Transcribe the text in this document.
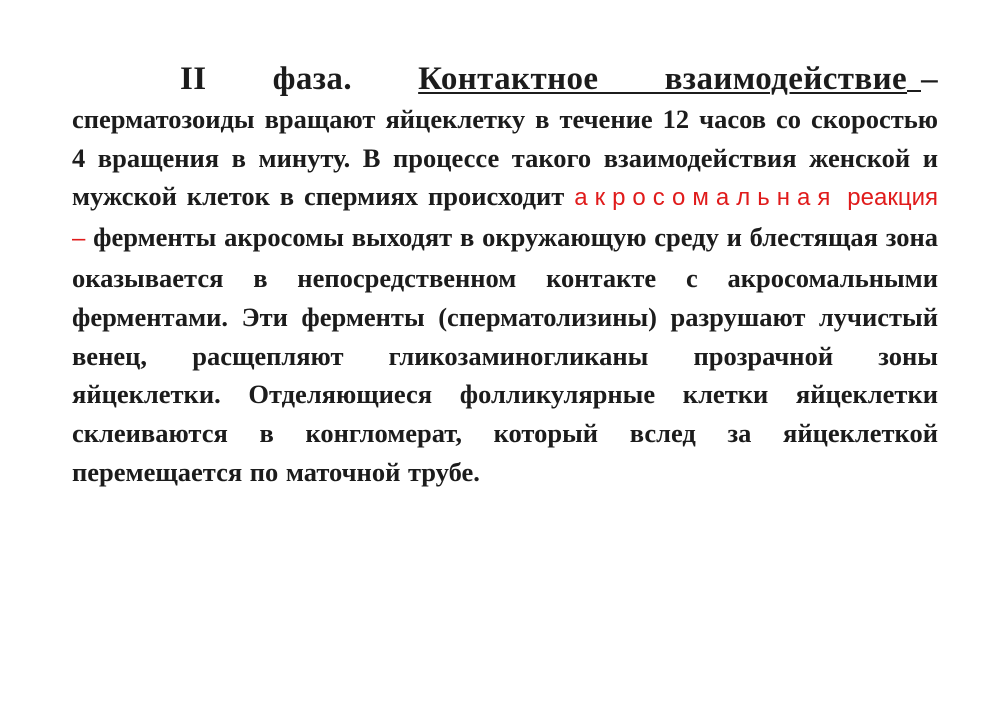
II фаза. Контактное взаимодействие – сперматозоиды вращают яйцеклетку в течение 12 часов со скоростью 4 вращения в минуту. В процессе такого взаимодействия женской и мужской клеток в спермиях происходит акросомальная реакция – ферменты акросомы выходят в окружающую среду и блестящая зона оказывается в непосредственном контакте с акросомальными ферментами. Эти ферменты (сперматолизины) разрушают лучистый венец, расщепляют гликозаминогликаны прозрачной зоны яйцеклетки. Отделяющиеся фолликулярные клетки яйцеклетки склеиваются в конгломерат, который вслед за яйцеклеткой перемещается по маточной трубе.
